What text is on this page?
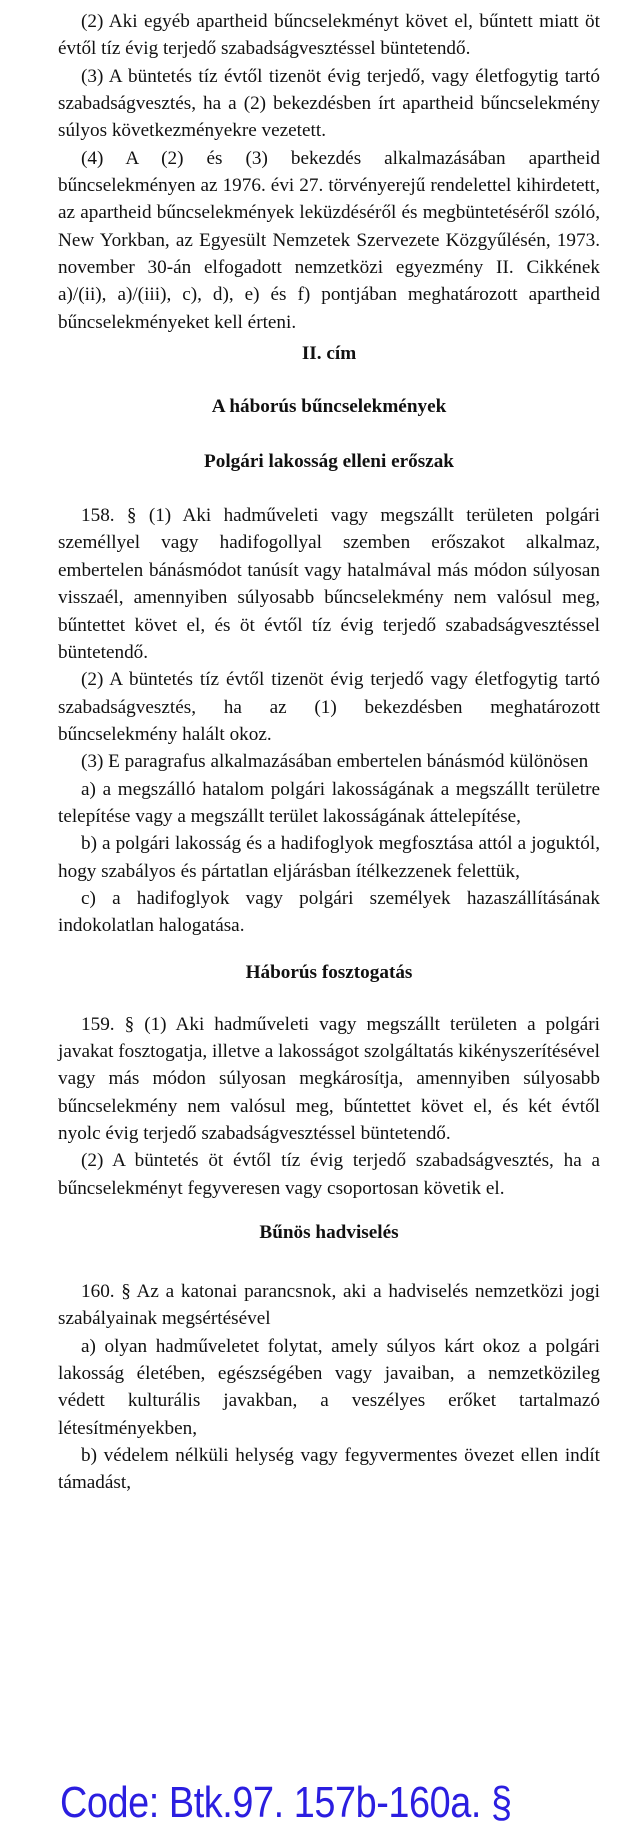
(2) Aki egyéb apartheid bűncselekményt követ el, bűntett miatt öt évtől tíz évig terjedő szabadságvesztéssel büntetendő.

(3) A büntetés tíz évtől tizenöt évig terjedő, vagy életfogytig tartó szabadságvesztés, ha a (2) bekezdésben írt apartheid bűncselekmény súlyos következményekre vezetett.

(4) A (2) és (3) bekezdés alkalmazásában apartheid bűncselekményen az 1976. évi 27. törvényerejű rendelettel kihirdetett, az apartheid bűncselekmények leküzdéséről és megbüntetéséről szóló, New Yorkban, az Egyesült Nemzetek Szervezete Közgyűlésén, 1973. november 30-án elfogadott nemzetközi egyezmény II. Cikkének a)/(ii), a)/(iii), c), d), e) és f) pontjában meghatározott apartheid bűncselekményeket kell érteni.

II. cím

A háborús bűncselekmények

Polgári lakosság elleni erőszak

158. § (1) Aki hadműveleti vagy megszállt területen polgári személlyel vagy hadifogollyal szemben erőszakot alkalmaz, embertelen bánásmódot tanúsít vagy hatalmával más módon súlyosan visszaél, amennyiben súlyosabb bűncselekmény nem valósul meg, bűntettet követ el, és öt évtől tíz évig terjedő szabadságvesztéssel büntetendő.

(2) A büntetés tíz évtől tizenöt évig terjedő vagy életfogytig tartó szabadságvesztés, ha az (1) bekezdésben meghatározott bűncselekmény halált okoz.

(3) E paragrafus alkalmazásában embertelen bánásmód különösen

a) a megszálló hatalom polgári lakosságának a megszállt területre telepítése vagy a megszállt terület lakosságának áttelepítése,

b) a polgári lakosság és a hadifoglyok megfosztása attól a joguktól, hogy szabályos és pártatlan eljárásban ítélkezzenek felettük,

c) a hadifoglyok vagy polgári személyek hazaszállításának indokolatlan halogatása.

Háborús fosztogatás

159. § (1) Aki hadműveleti vagy megszállt területen a polgári javakat fosztogatja, illetve a lakosságot szolgáltatás kikényszerítésével vagy más módon súlyosan megkárosítja, amennyiben súlyosabb bűncselekmény nem valósul meg, bűntettet követ el, és két évtől nyolc évig terjedő szabadságvesztéssel büntetendő.

(2) A büntetés öt évtől tíz évig terjedő szabadságvesztés, ha a bűncselekményt fegyveresen vagy csoportosan követik el.

Bűnös hadviselés

160. § Az a katonai parancsnok, aki a hadviselés nemzetközi jogi szabályainak megsértésével

a) olyan hadműveletet folytat, amely súlyos kárt okoz a polgári lakosság életében, egészségében vagy javaiban, a nemzetközileg védett kulturális javakban, a veszélyes erőket tartalmazó létesítményekben,

b) védelem nélküli helység vagy fegyvermentes övezet ellen indít támadást,

Code: Btk.97. 157b-160a. §
